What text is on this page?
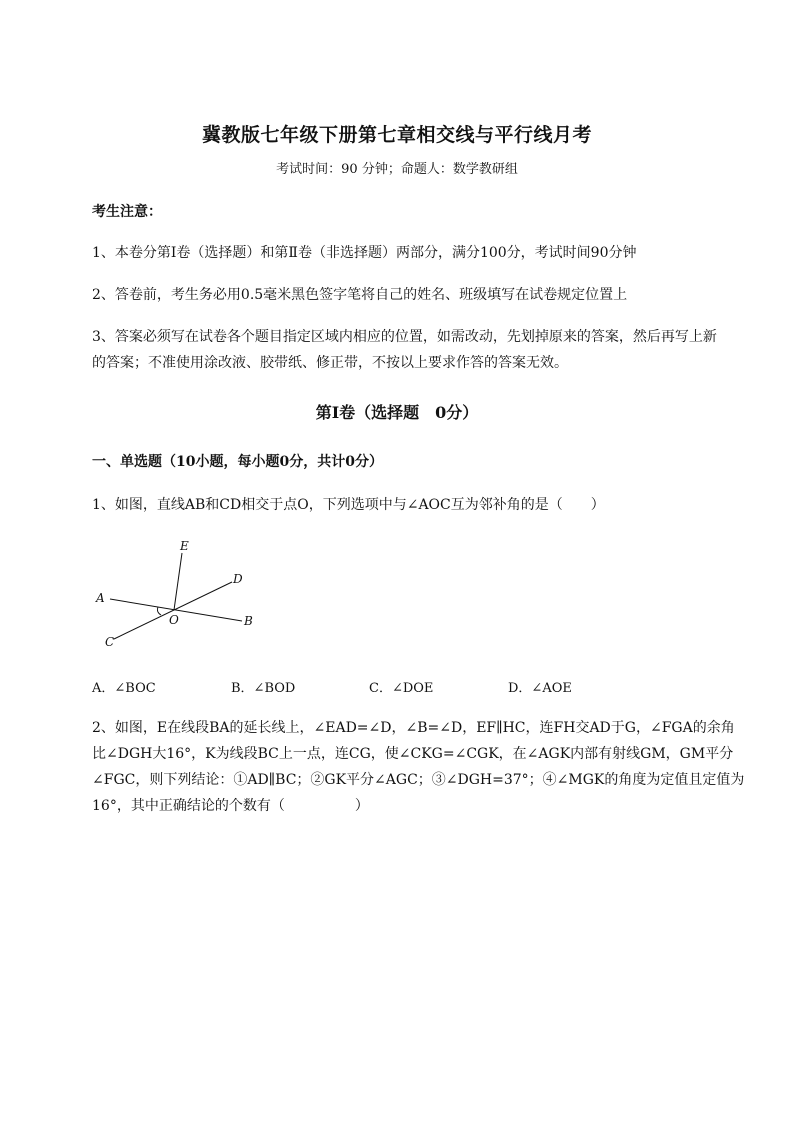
冀教版七年级下册第七章相交线与平行线月考
考试时间：90 分钟；命题人：数学教研组
考生注意：
1、本卷分第Ⅰ卷（选择题）和第Ⅱ卷（非选择题）两部分，满分100分，考试时间90分钟
2、答卷前，考生务必用0.5毫米黑色签字笔将自己的姓名、班级填写在试卷规定位置上
3、答案必须写在试卷各个题目指定区域内相应的位置，如需改动，先划掉原来的答案，然后再写上新
的答案；不准使用涂改液、胶带纸、修正带，不按以上要求作答的答案无效。
第Ⅰ卷（选择题　0分）
一、单选题（10小题，每小题0分，共计0分）
1、如图，直线AB和CD相交于点O，下列选项中与∠AOC互为邻补角的是（　　）
E
D
A
O	B
C
A．∠BOC	B．∠BOD	C．∠DOE	D．∠AOE
2、如图，E在线段BA的延长线上，∠EAD=∠D，∠B=∠D，EF∥HC，连FH交AD于G，∠FGA的余角
比∠DGH大16°，K为线段BC上一点，连CG，使∠CKG=∠CGK，在∠AGK内部有射线GM，GM平分
∠FGC，则下列结论：①AD∥BC；②GK平分∠AGC；③∠DGH=37°；④∠MGK的角度为定值且定值为
16°，其中正确结论的个数有（　　　　　）
